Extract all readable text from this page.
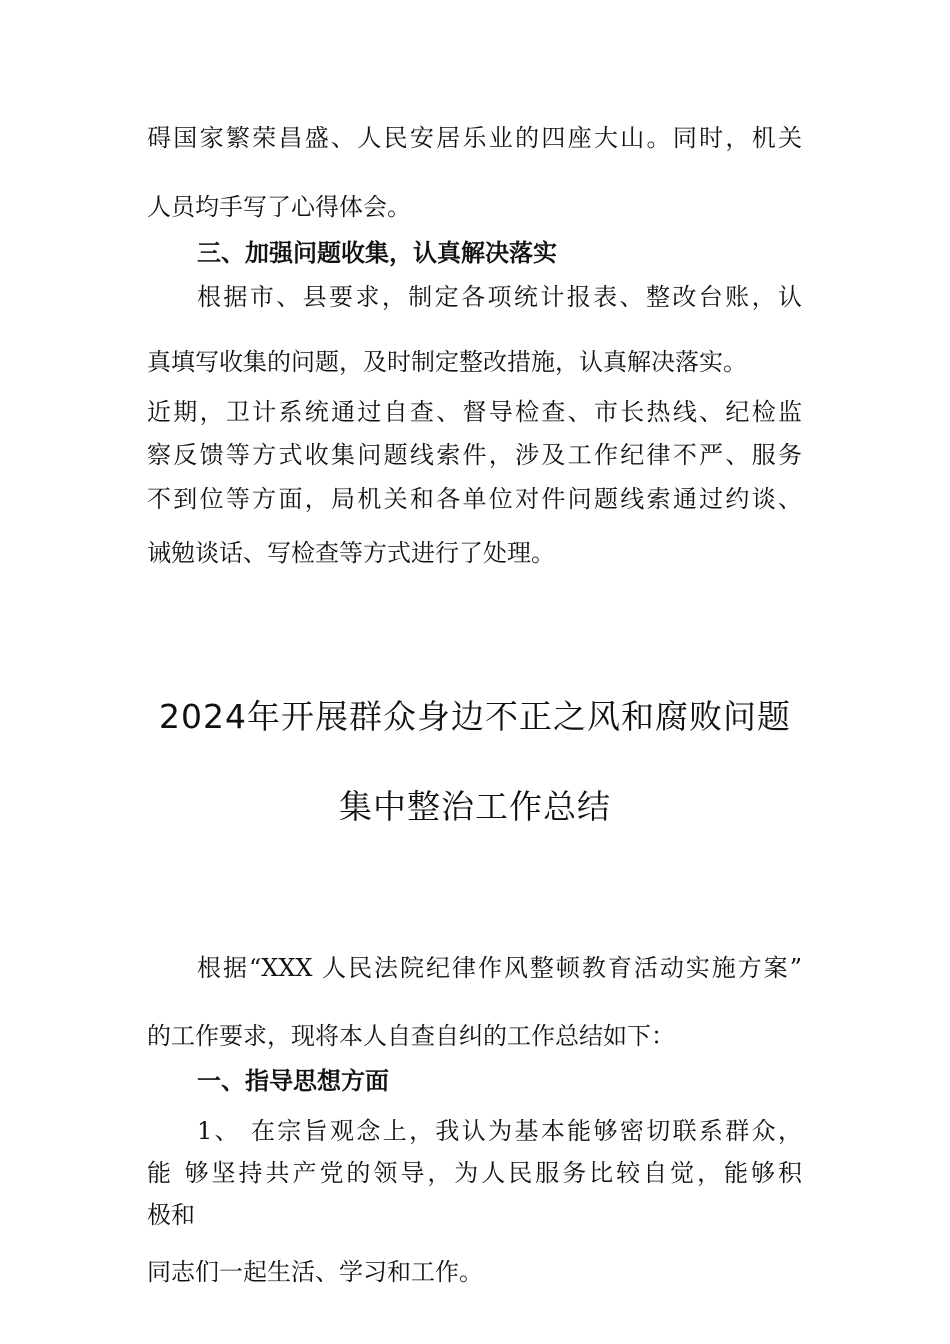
碍国家繁荣昌盛、人民安居乐业的四座大山。同时，机关

人员均手写了心得体会。

三、加强问题收集，认真解决落实

根据市、县要求，制定各项统计报表、整改台账，认

真填写收集的问题，及时制定整改措施，认真解决落实。

近期，卫计系统通过自查、督导检查、市长热线、纪检监

察反馈等方式收集问题线索件，涉及工作纪律不严、服务

不到位等方面，局机关和各单位对件问题线索通过约谈、

诫勉谈话、写检查等方式进行了处理。

2024年开展群众身边不正之风和腐败问题
集中整治工作总结

根据“XXX 人民法院纪律作风整顿教育活动实施方案”

的工作要求，现将本人自查自纠的工作总结如下：

一、指导思想方面

1、 在宗旨观念上，我认为基本能够密切联系群众，

能 够坚持共产党的领导，为人民服务比较自觉，能够积

极和

同志们一起生活、学习和工作。
